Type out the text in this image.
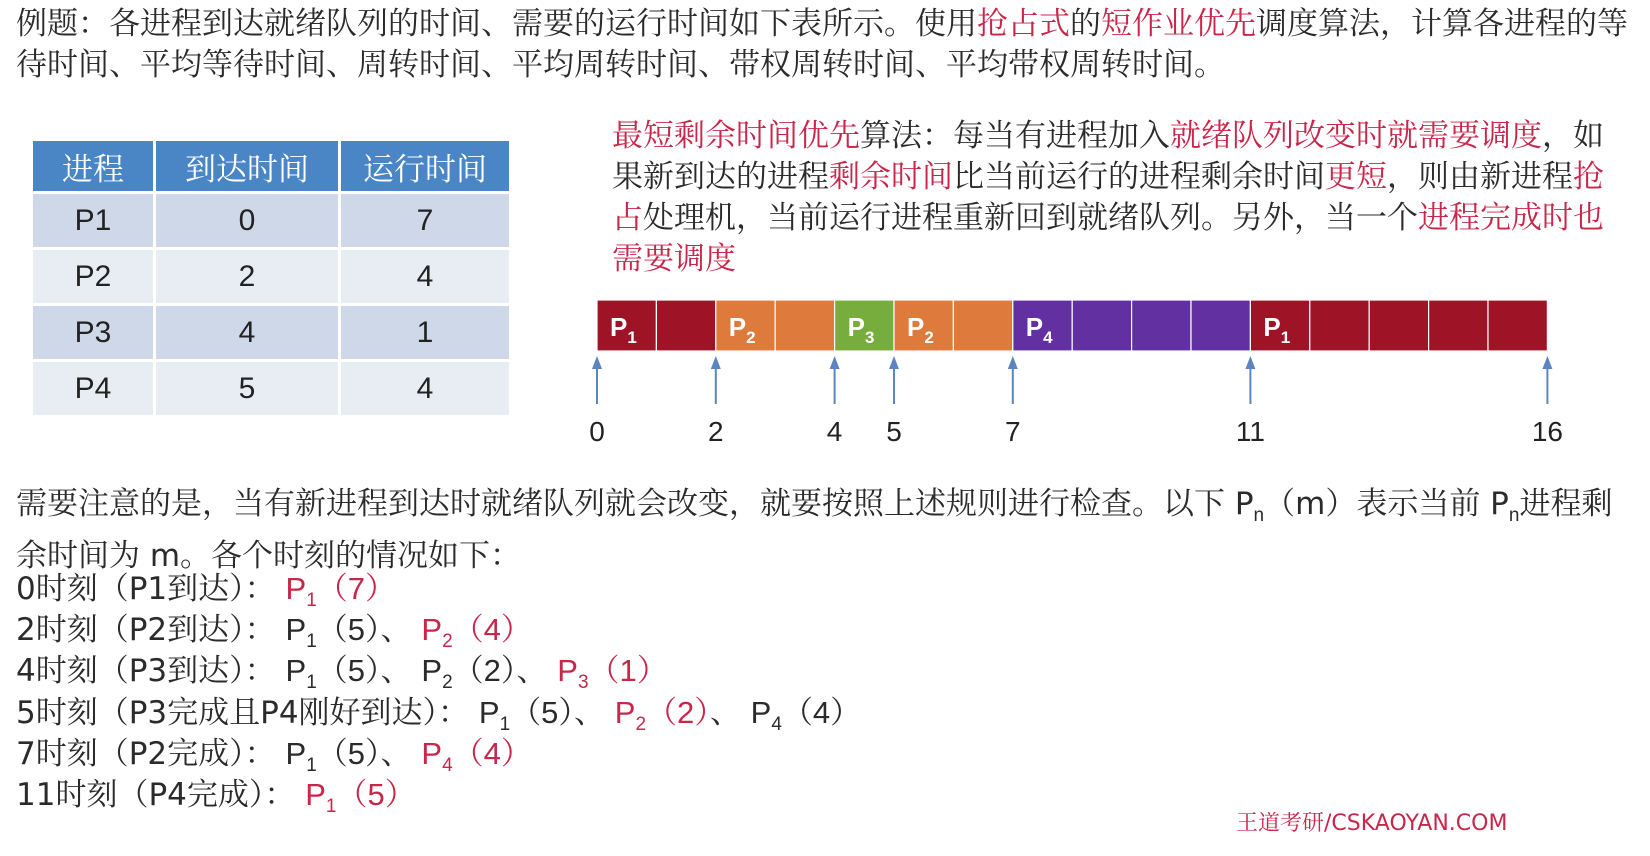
例题：各进程到达就绪队列的时间、需要的运行时间如下表所示。使用抢占式的短作业优先调度算法，计算各进程的等待时间、平均等待时间、周转时间、平均周转时间、带权周转时间、平均带权周转时间。
进程	到达时间	运行时间
P1	0	7
P2	2	4
P3	4	1
P4	5	4
最短剩余时间优先算法：每当有进程加入就绪队列改变时就需要调度，如果新到达的进程剩余时间比当前运行的进程剩余时间更短，则由新进程抢占处理机，当前运行进程重新回到就绪队列。另外，当一个进程完成时也需要调度
$P_1$	$P_2$	$P_3$ $P_2$	$P_4$	$P_1$
0	2	4 5	7	11	16
需要注意的是，当有新进程到达时就绪队列就会改变，就要按照上述规则进行检查。以下 $P_n(m)$表示当前 $P_n$进程剩余时间为 m。各个时刻的情况如下：
0时刻（P1到达）： $P_1(7)$
2时刻（P2到达）： $P_1(5)$、 $P_2(4)$
4时刻（P3到达）： $P_1(5)$、 $P_2(2)$、 $P_3(1)$
5时刻（P3完成且P4刚好到达）： $P_1(5)$、 $P_2(2)$、 $P_4(4)$
7时刻（P2完成）： $P_1(5)$、 $P_4(4)$
11时刻（P4完成）： $P_1(5)$
王道考研/CSKAOYAN.COM
